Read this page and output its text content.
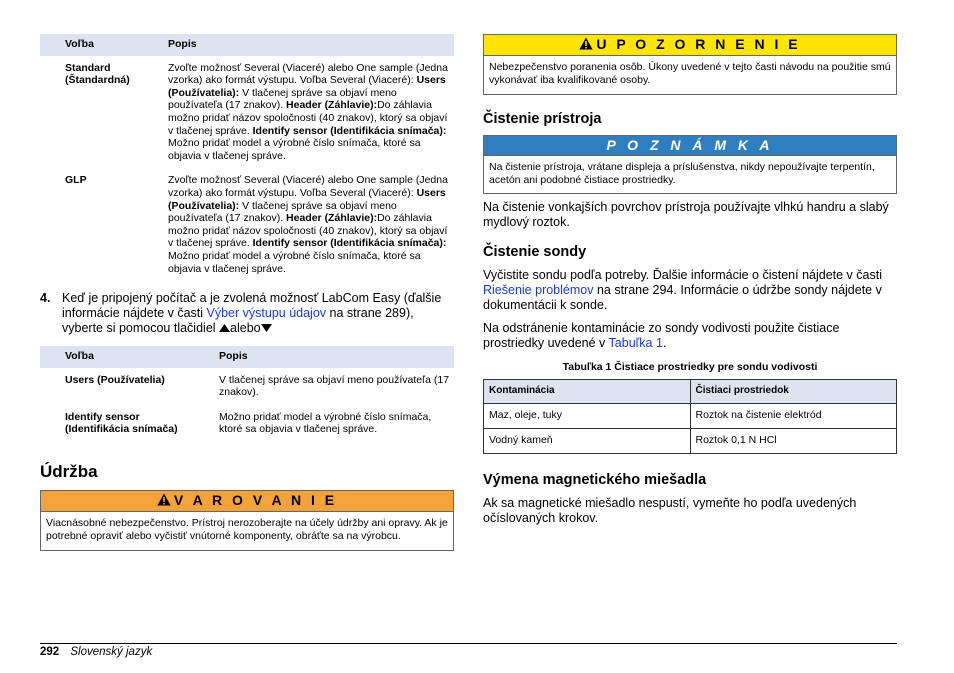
Voľba	Popis
Standard
(Štandardná)	Zvoľte možnosť Several (Viaceré) alebo One sample (Jedna vzorka) ako formát výstupu. Voľba Several (Viaceré): Users (Používatelia): V tlačenej správe sa objaví meno používateľa (17 znakov). Header (Záhlavie):Do záhlavia možno pridať názov spoločnosti (40 znakov), ktorý sa objaví v tlačenej správe. Identify sensor (Identifikácia snímača): Možno pridať model a výrobné číslo snímača, ktoré sa objavia v tlačenej správe.
GLP	Zvoľte možnosť Several (Viaceré) alebo One sample (Jedna vzorka) ako formát výstupu. Voľba Several (Viaceré): Users (Používatelia): V tlačenej správe sa objaví meno používateľa (17 znakov). Header (Záhlavie):Do záhlavia možno pridať názov spoločnosti (40 znakov), ktorý sa objaví v tlačenej správe. Identify sensor (Identifikácia snímača): Možno pridať model a výrobné číslo snímača, ktoré sa objavia v tlačenej správe.
4. Keď je pripojený počítač a je zvolená možnosť LabCom Easy (ďalšie informácie nájdete v časti Výber výstupu údajov na strane 289), vyberte si pomocou tlačidiel alebo
Voľba	Popis
Users (Používatelia)	V tlačenej správe sa objaví meno používateľa (17 znakov).
Identify sensor
(Identifikácia snímača)	Možno pridať model a výrobné číslo snímača, ktoré sa objavia v tlačenej správe.
Údržba
V A R O V A N I E
Viacnásobné nebezpečenstvo. Prístroj nerozoberajte na účely údržby ani opravy. Ak je potrebné opraviť alebo vyčistiť vnútorné komponenty, obráťte sa na výrobcu.
U P O Z O R N E N I E
Nebezpečenstvo poranenia osôb. Úkony uvedené v tejto časti návodu na použitie smú vykonávať iba kvalifikované osoby.
Čistenie prístroja
P O Z N Á M K A
Na čistenie prístroja, vrátane displeja a príslušenstva, nikdy nepoužívajte terpentín, acetón ani podobné čistiace prostriedky.
Na čistenie vonkajších povrchov prístroja používajte vlhkú handru a slabý mydlový roztok.
Čistenie sondy
Vyčistite sondu podľa potreby. Ďalšie informácie o čistení nájdete v časti Riešenie problémov na strane 294. Informácie o údržbe sondy nájdete v dokumentácii k sonde.
Na odstránenie kontaminácie zo sondy vodivosti použite čistiace prostriedky uvedené v Tabuľka 1.
Tabuľka 1 Čistiace prostriedky pre sondu vodivosti
Kontaminácia	Čistiaci prostriedok
Maz, oleje, tuky	Roztok na čistenie elektród
Vodný kameň	Roztok 0,1 N HCl
Výmena magnetického miešadla
Ak sa magnetické miešadlo nespustí, vymeňte ho podľa uvedených očíslovaných krokov.
292 Slovenský jazyk
